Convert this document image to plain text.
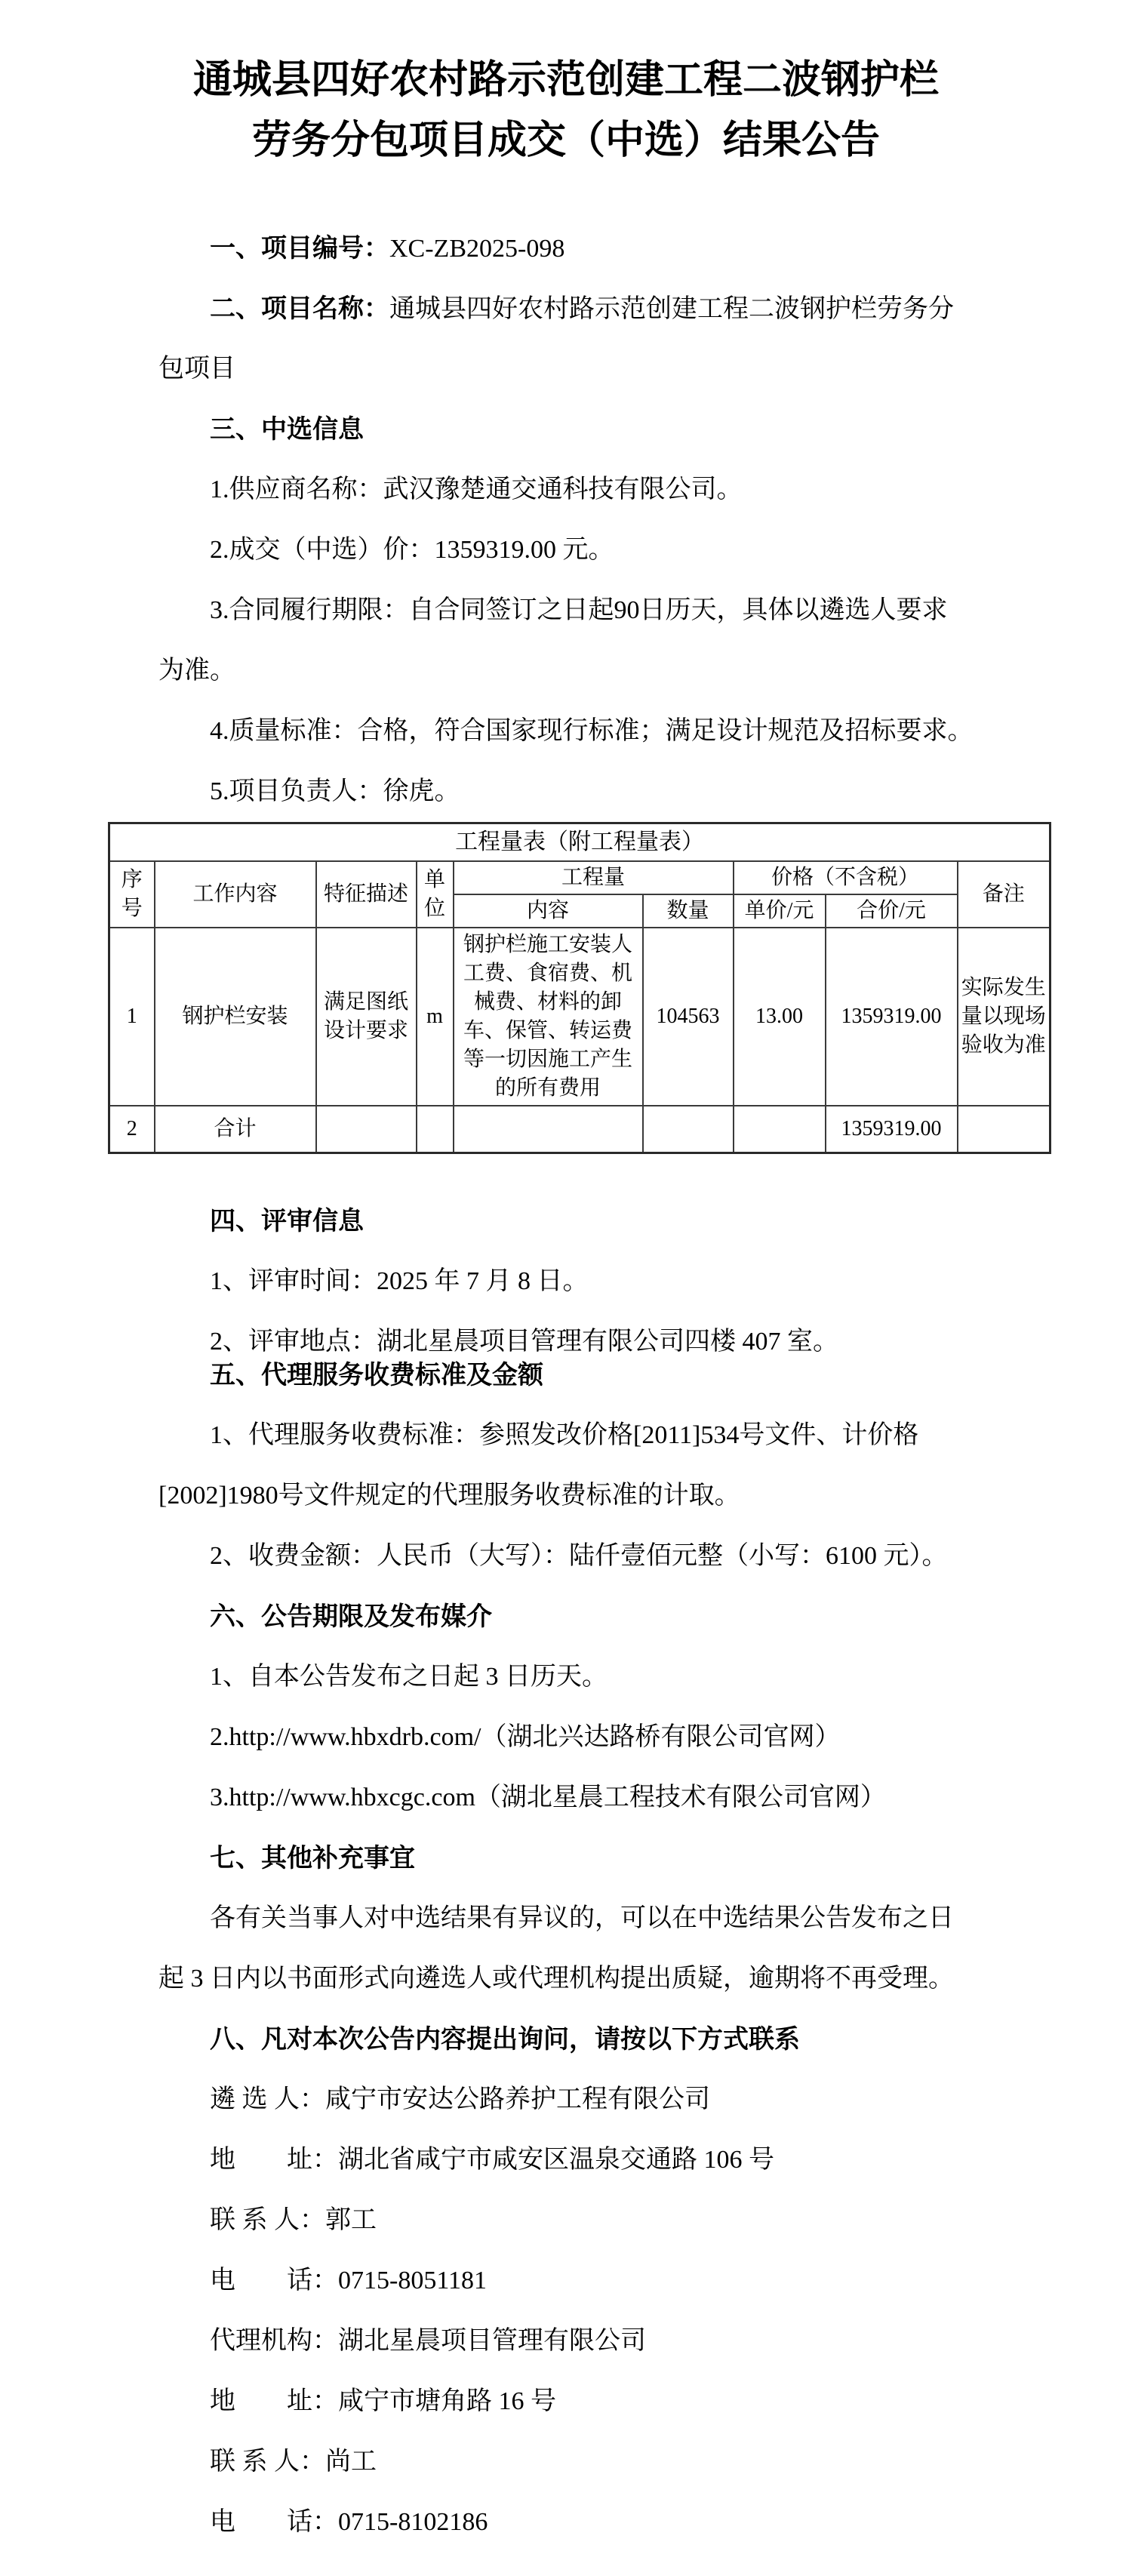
通城县四好农村路示范创建工程二波钢护栏
劳务分包项目成交（中选）结果公告

一、项目编号：XC-ZB2025-098

二、项目名称：通城县四好农村路示范创建工程二波钢护栏劳务分

包项目

三、中选信息

1.供应商名称：武汉豫楚通交通科技有限公司。

2.成交（中选）价：1359319.00 元。

3.合同履行期限：自合同签订之日起90日历天，具体以遴选人要求

为准。

4.质量标准：合格，符合国家现行标准；满足设计规范及招标要求。

5.项目负责人：徐虎。

工程量表（附工程量表）								
序号	工作内容	特征描述	单位	工程量		价格（不含税）		备注
				内容	数量	单价/元	合价/元	
1	钢护栏安装	满足图纸设计要求	m	钢护栏施工安装人工费、食宿费、机械费、材料的卸车、保管、转运费等一切因施工产生的所有费用	104563	13.00	1359319.00	实际发生量以现场验收为准
2	合计						1359319.00	

四、评审信息

1、评审时间：2025 年 7 月 8 日。

2、评审地点：湖北星晨项目管理有限公司四楼 407 室。

五、代理服务收费标准及金额

1、代理服务收费标准：参照发改价格[2011]534号文件、计价格

[2002]1980号文件规定的代理服务收费标准的计取。

2、收费金额：人民币（大写）：陆仟壹佰元整（小写：6100 元）。

六、公告期限及发布媒介

1、自本公告发布之日起 3 日历天。

2.http://www.hbxdrb.com/（湖北兴达路桥有限公司官网）

3.http://www.hbxcgc.com（湖北星晨工程技术有限公司官网）

七、其他补充事宜

各有关当事人对中选结果有异议的，可以在中选结果公告发布之日

起 3 日内以书面形式向遴选人或代理机构提出质疑，逾期将不再受理。

八、凡对本次公告内容提出询问，请按以下方式联系

遴 选 人：咸宁市安达公路养护工程有限公司

地　　址：湖北省咸宁市咸安区温泉交通路 106 号

联 系 人：郭工

电　　话：0715-8051181

代理机构：湖北星晨项目管理有限公司

地　　址：咸宁市塘角路 16 号

联 系 人：尚工

电　　话：0715-8102186
